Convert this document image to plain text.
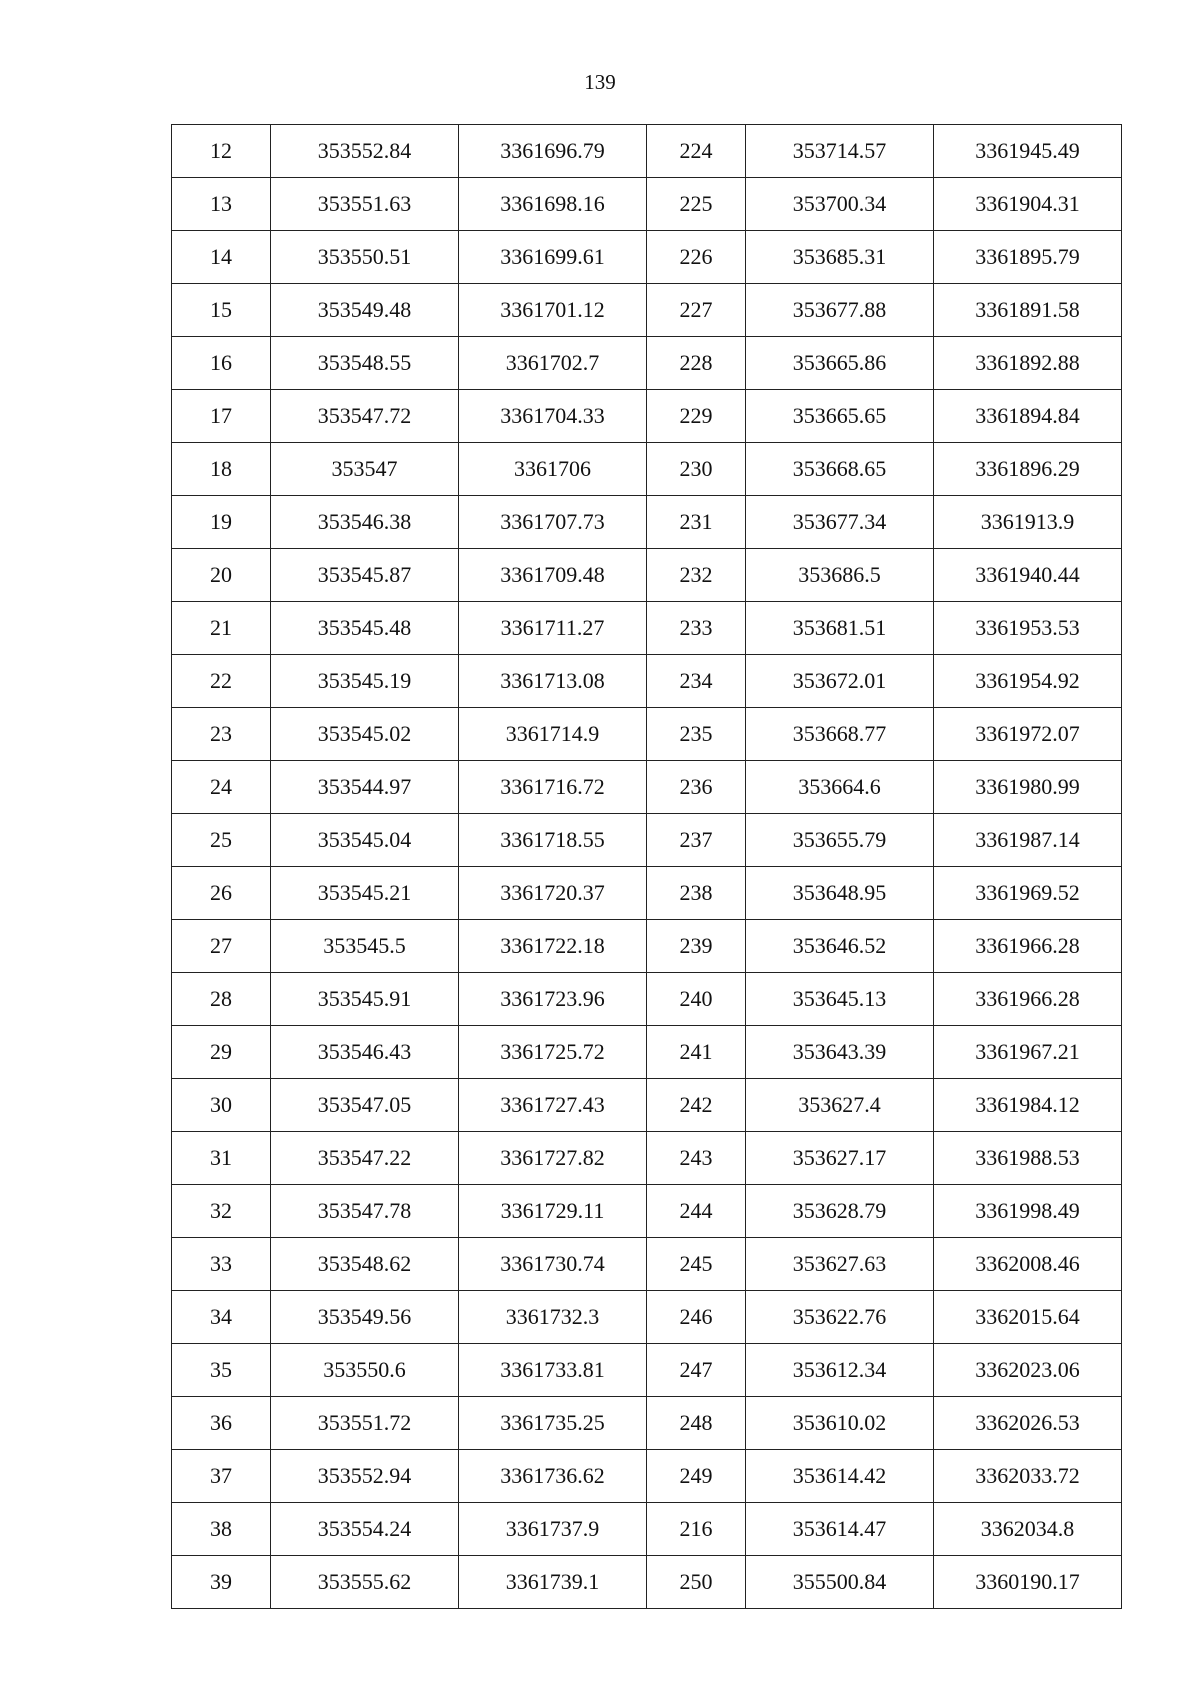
139
12	353552.84	3361696.79	224	353714.57	3361945.49
13	353551.63	3361698.16	225	353700.34	3361904.31
14	353550.51	3361699.61	226	353685.31	3361895.79
15	353549.48	3361701.12	227	353677.88	3361891.58
16	353548.55	3361702.7	228	353665.86	3361892.88
17	353547.72	3361704.33	229	353665.65	3361894.84
18	353547	3361706	230	353668.65	3361896.29
19	353546.38	3361707.73	231	353677.34	3361913.9
20	353545.87	3361709.48	232	353686.5	3361940.44
21	353545.48	3361711.27	233	353681.51	3361953.53
22	353545.19	3361713.08	234	353672.01	3361954.92
23	353545.02	3361714.9	235	353668.77	3361972.07
24	353544.97	3361716.72	236	353664.6	3361980.99
25	353545.04	3361718.55	237	353655.79	3361987.14
26	353545.21	3361720.37	238	353648.95	3361969.52
27	353545.5	3361722.18	239	353646.52	3361966.28
28	353545.91	3361723.96	240	353645.13	3361966.28
29	353546.43	3361725.72	241	353643.39	3361967.21
30	353547.05	3361727.43	242	353627.4	3361984.12
31	353547.22	3361727.82	243	353627.17	3361988.53
32	353547.78	3361729.11	244	353628.79	3361998.49
33	353548.62	3361730.74	245	353627.63	3362008.46
34	353549.56	3361732.3	246	353622.76	3362015.64
35	353550.6	3361733.81	247	353612.34	3362023.06
36	353551.72	3361735.25	248	353610.02	3362026.53
37	353552.94	3361736.62	249	353614.42	3362033.72
38	353554.24	3361737.9	216	353614.47	3362034.8
39	353555.62	3361739.1	250	355500.84	3360190.17
